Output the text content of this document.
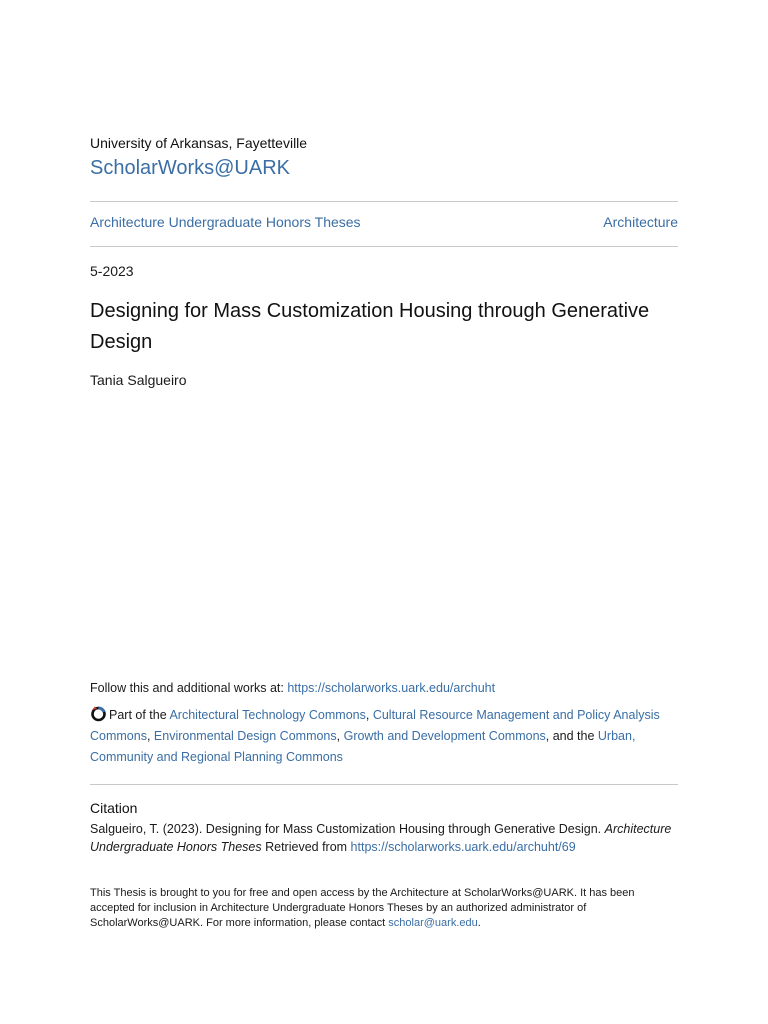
University of Arkansas, Fayetteville
ScholarWorks@UARK
Architecture Undergraduate Honors Theses	Architecture
5-2023
Designing for Mass Customization Housing through Generative Design
Tania Salgueiro
Follow this and additional works at: https://scholarworks.uark.edu/archuht
Part of the Architectural Technology Commons, Cultural Resource Management and Policy Analysis Commons, Environmental Design Commons, Growth and Development Commons, and the Urban, Community and Regional Planning Commons
Citation
Salgueiro, T. (2023). Designing for Mass Customization Housing through Generative Design. Architecture Undergraduate Honors Theses Retrieved from https://scholarworks.uark.edu/archuht/69
This Thesis is brought to you for free and open access by the Architecture at ScholarWorks@UARK. It has been accepted for inclusion in Architecture Undergraduate Honors Theses by an authorized administrator of ScholarWorks@UARK. For more information, please contact scholar@uark.edu.
